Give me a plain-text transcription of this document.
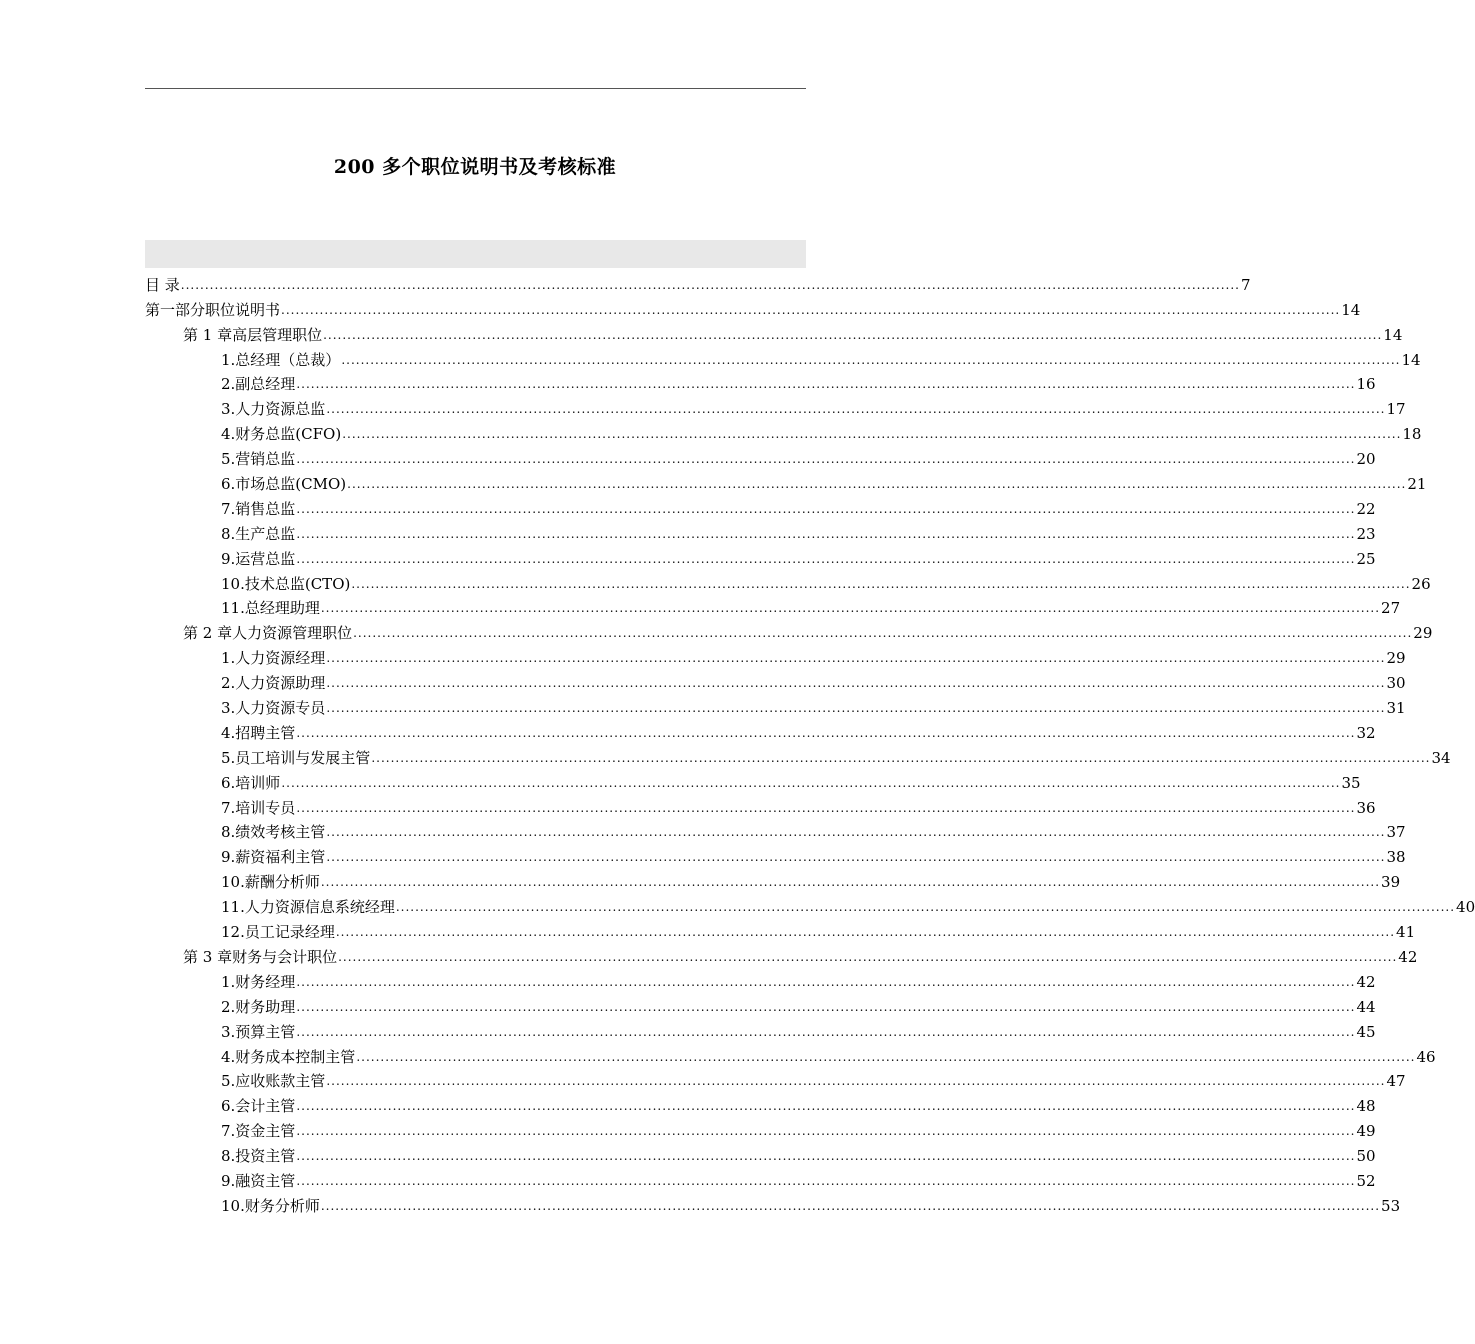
200 多个职位说明书及考核标准
目 录 ............................................................................................................................................................................................................................ 7
第一部分职位说明书 ............................................................................................................................................................................................................................ 14
第 1 章高层管理职位 ............................................................................................................................................................................................................................ 14
1.总经理（总裁） ............................................................................................................................................................................................................................ 14
2.副总经理 ............................................................................................................................................................................................................................ 16
3.人力资源总监 ............................................................................................................................................................................................................................ 17
4.财务总监(CFO) ............................................................................................................................................................................................................................ 18
5.营销总监 ............................................................................................................................................................................................................................ 20
6.市场总监(CMO) ............................................................................................................................................................................................................................ 21
7.销售总监 ............................................................................................................................................................................................................................ 22
8.生产总监 ............................................................................................................................................................................................................................ 23
9.运营总监 ............................................................................................................................................................................................................................ 25
10.技术总监(CTO) ............................................................................................................................................................................................................................ 26
11.总经理助理 ............................................................................................................................................................................................................................ 27
第 2 章人力资源管理职位 ............................................................................................................................................................................................................................ 29
1.人力资源经理 ............................................................................................................................................................................................................................ 29
2.人力资源助理 ............................................................................................................................................................................................................................ 30
3.人力资源专员 ............................................................................................................................................................................................................................ 31
4.招聘主管 ............................................................................................................................................................................................................................ 32
5.员工培训与发展主管 ............................................................................................................................................................................................................................ 34
6.培训师 ............................................................................................................................................................................................................................ 35
7.培训专员 ............................................................................................................................................................................................................................ 36
8.绩效考核主管 ............................................................................................................................................................................................................................ 37
9.薪资福利主管 ............................................................................................................................................................................................................................ 38
10.薪酬分析师 ............................................................................................................................................................................................................................ 39
11.人力资源信息系统经理 ............................................................................................................................................................................................................................ 40
12.员工记录经理 ............................................................................................................................................................................................................................ 41
第 3 章财务与会计职位 ............................................................................................................................................................................................................................ 42
1.财务经理 ............................................................................................................................................................................................................................ 42
2.财务助理 ............................................................................................................................................................................................................................ 44
3.预算主管 ............................................................................................................................................................................................................................ 45
4.财务成本控制主管 ............................................................................................................................................................................................................................ 46
5.应收账款主管 ............................................................................................................................................................................................................................ 47
6.会计主管 ............................................................................................................................................................................................................................ 48
7.资金主管 ............................................................................................................................................................................................................................ 49
8.投资主管 ............................................................................................................................................................................................................................ 50
9.融资主管 ............................................................................................................................................................................................................................ 52
10.财务分析师 ............................................................................................................................................................................................................................ 53
